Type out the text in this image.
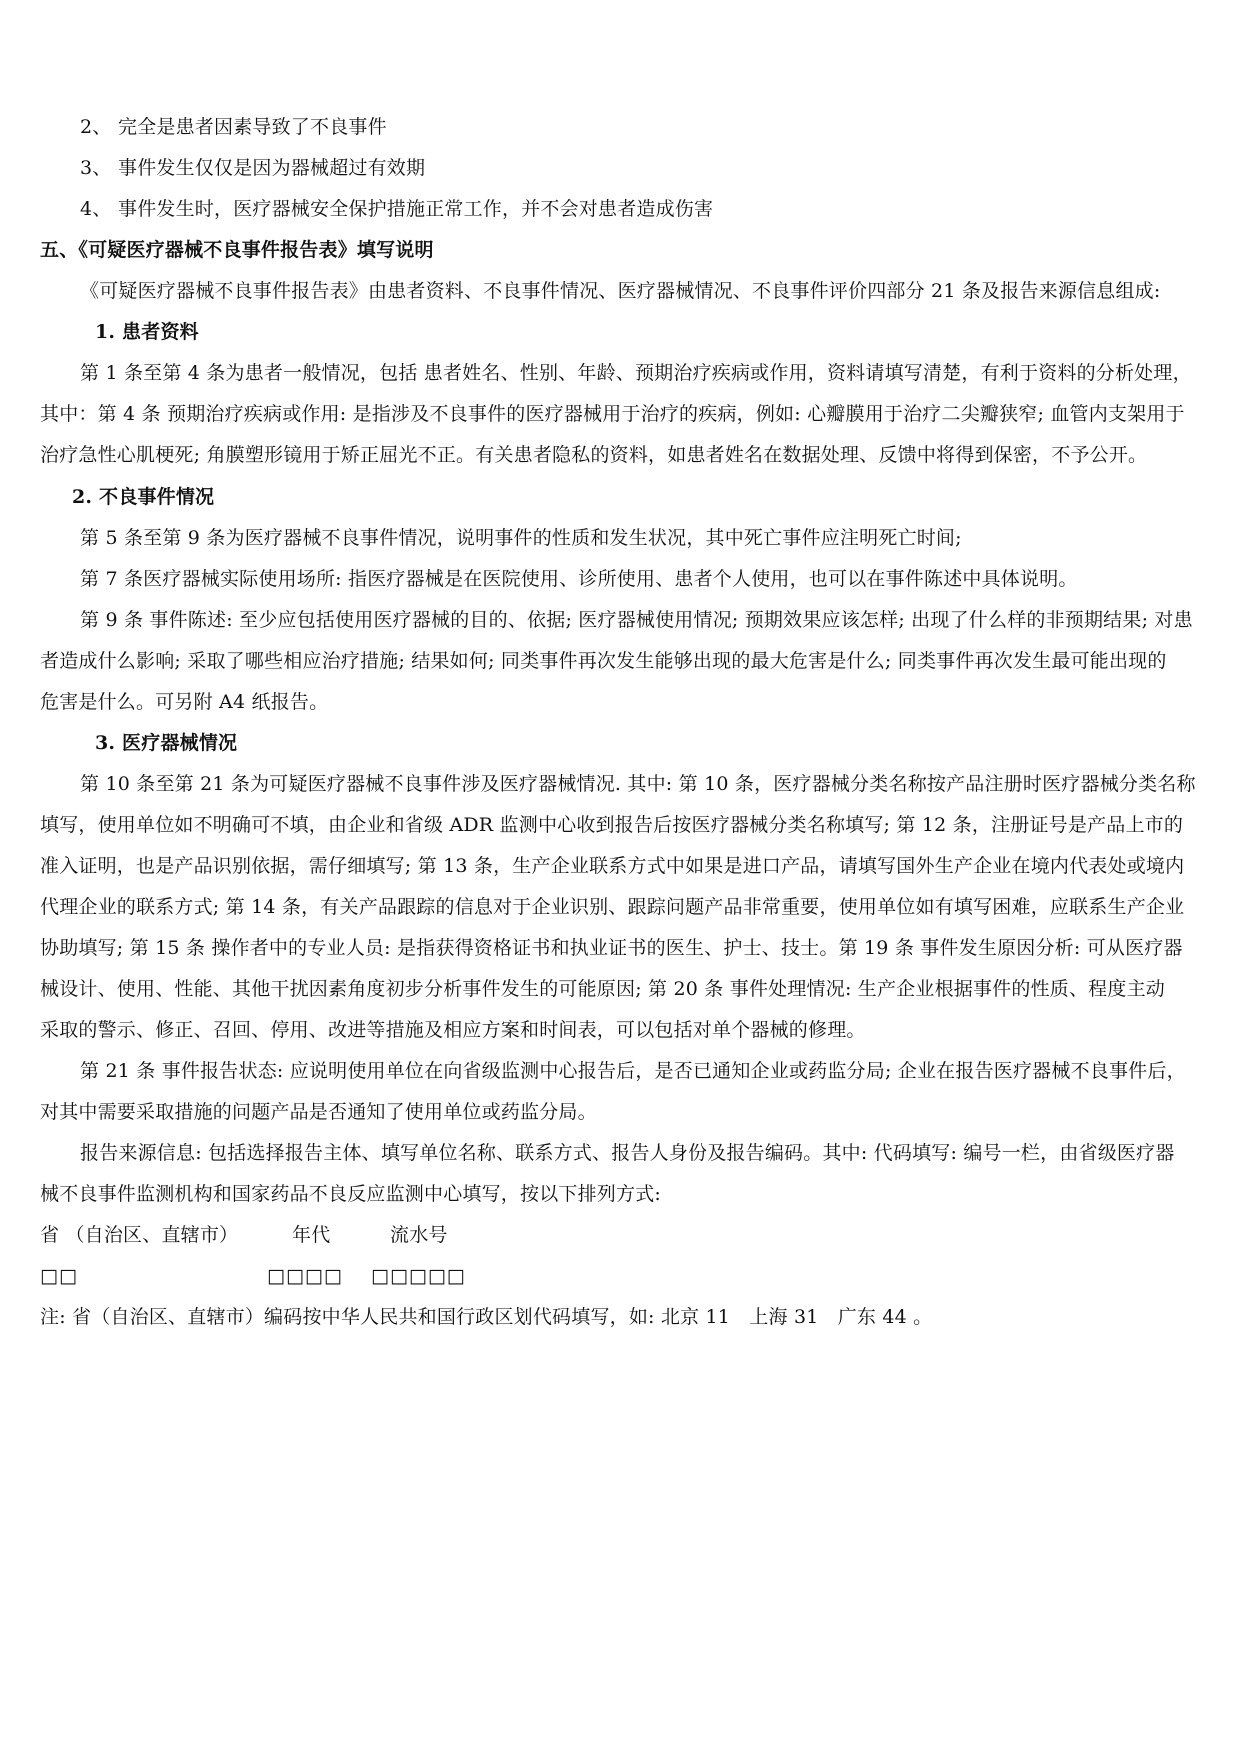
2、 完全是患者因素导致了不良事件
3、 事件发生仅仅是因为器械超过有效期
4、 事件发生时，医疗器械安全保护措施正常工作，并不会对患者造成伤害
五、《可疑医疗器械不良事件报告表》填写说明
《可疑医疗器械不良事件报告表》由患者资料、不良事件情况、医疗器械情况、不良事件评价四部分 21 条及报告来源信息组成:
1. 患者资料
第 1 条至第 4 条为患者一般情况，包括 患者姓名、性别、年龄、预期治疗疾病或作用，资料请填写清楚，有利于资料的分析处理，
其中：第 4 条 预期治疗疾病或作用: 是指涉及不良事件的医疗器械用于治疗的疾病，例如: 心瓣膜用于治疗二尖瓣狭窄; 血管内支架用于
治疗急性心肌梗死; 角膜塑形镜用于矫正屈光不正。有关患者隐私的资料，如患者姓名在数据处理、反馈中将得到保密，不予公开。
2. 不良事件情况
第 5 条至第 9 条为医疗器械不良事件情况，说明事件的性质和发生状况，其中死亡事件应注明死亡时间;
第 7 条医疗器械实际使用场所: 指医疗器械是在医院使用、诊所使用、患者个人使用，也可以在事件陈述中具体说明。
第 9 条 事件陈述: 至少应包括使用医疗器械的目的、依据; 医疗器械使用情况; 预期效果应该怎样; 出现了什么样的非预期结果; 对患
者造成什么影响; 采取了哪些相应治疗措施; 结果如何; 同类事件再次发生能够出现的最大危害是什么; 同类事件再次发生最可能出现的
危害是什么。可另附 A4 纸报告。
3. 医疗器械情况
第 10 条至第 21 条为可疑医疗器械不良事件涉及医疗器械情况. 其中: 第 10 条，医疗器械分类名称按产品注册时医疗器械分类名称
填写，使用单位如不明确可不填，由企业和省级 ADR 监测中心收到报告后按医疗器械分类名称填写; 第 12 条，注册证号是产品上市的
准入证明，也是产品识别依据，需仔细填写; 第 13 条，生产企业联系方式中如果是进口产品，请填写国外生产企业在境内代表处或境内
代理企业的联系方式; 第 14 条，有关产品跟踪的信息对于企业识别、跟踪问题产品非常重要，使用单位如有填写困难，应联系生产企业
协助填写; 第 15 条 操作者中的专业人员: 是指获得资格证书和执业证书的医生、护士、技士。第 19 条 事件发生原因分析: 可从医疗器
械设计、使用、性能、其他干扰因素角度初步分析事件发生的可能原因; 第 20 条 事件处理情况: 生产企业根据事件的性质、程度主动
采取的警示、修正、召回、停用、改进等措施及相应方案和时间表，可以包括对单个器械的修理。
第 21 条 事件报告状态: 应说明使用单位在向省级监测中心报告后，是否已通知企业或药监分局; 企业在报告医疗器械不良事件后，
对其中需要采取措施的问题产品是否通知了使用单位或药监分局。
报告来源信息: 包括选择报告主体、填写单位名称、联系方式、报告人身份及报告编码。其中: 代码填写: 编号一栏，由省级医疗器
械不良事件监测机构和国家药品不良反应监测中心填写，按以下排列方式:
省 （自治区、直辖市）	年代	流水号
□□	□□□□ □□□□□
注: 省（自治区、直辖市）编码按中华人民共和国行政区划代码填写，如: 北京 11　上海 31　广东 44 。
